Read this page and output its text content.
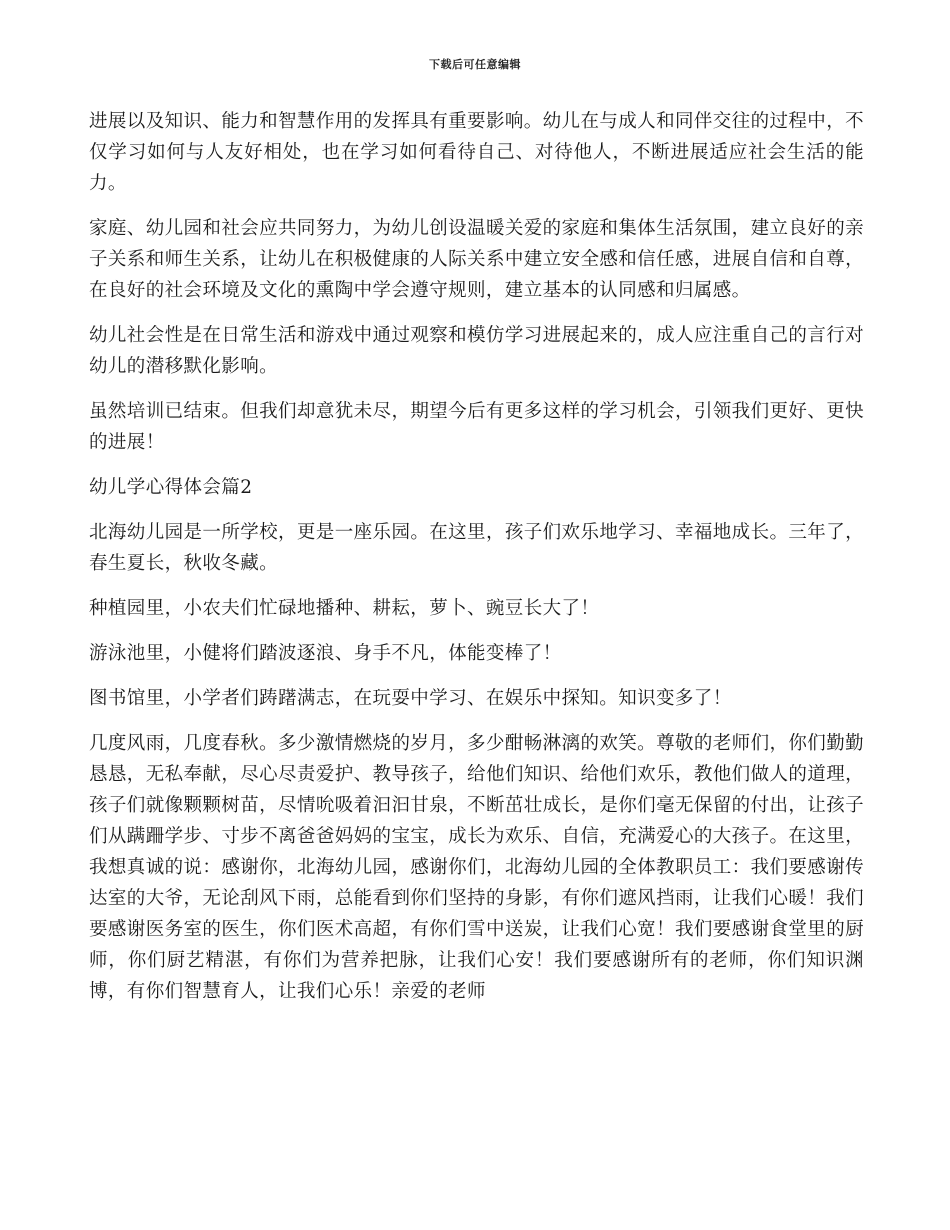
下载后可任意编辑

进展以及知识、能力和智慧作用的发挥具有重要影响。幼儿在与成人和同伴交往的过程中，不仅学习如何与人友好相处，也在学习如何看待自己、对待他人，不断进展适应社会生活的能力。

家庭、幼儿园和社会应共同努力，为幼儿创设温暖关爱的家庭和集体生活氛围，建立良好的亲子关系和师生关系，让幼儿在积极健康的人际关系中建立安全感和信任感，进展自信和自尊，在良好的社会环境及文化的熏陶中学会遵守规则，建立基本的认同感和归属感。

幼儿社会性是在日常生活和游戏中通过观察和模仿学习进展起来的，成人应注重自己的言行对幼儿的潜移默化影响。

虽然培训已结束。但我们却意犹未尽，期望今后有更多这样的学习机会，引领我们更好、更快的进展！

幼儿学心得体会篇2

北海幼儿园是一所学校，更是一座乐园。在这里，孩子们欢乐地学习、幸福地成长。三年了，春生夏长，秋收冬藏。

种植园里，小农夫们忙碌地播种、耕耘，萝卜、豌豆长大了！

游泳池里，小健将们踏波逐浪、身手不凡，体能变棒了！

图书馆里，小学者们踌躇满志，在玩耍中学习、在娱乐中探知。知识变多了！

几度风雨，几度春秋。多少激情燃烧的岁月，多少酣畅淋漓的欢笑。尊敬的老师们，你们勤勤恳恳，无私奉献，尽心尽责爱护、教导孩子，给他们知识、给他们欢乐，教他们做人的道理，孩子们就像颗颗树苗，尽情吮吸着汩汩甘泉，不断茁壮成长，是你们毫无保留的付出，让孩子们从蹒跚学步、寸步不离爸爸妈妈的宝宝，成长为欢乐、自信，充满爱心的大孩子。在这里，我想真诚的说：感谢你，北海幼儿园，感谢你们，北海幼儿园的全体教职员工：我们要感谢传达室的大爷，无论刮风下雨，总能看到你们坚持的身影，有你们遮风挡雨，让我们心暖！我们要感谢医务室的医生，你们医术高超，有你们雪中送炭，让我们心宽！我们要感谢食堂里的厨师，你们厨艺精湛，有你们为营养把脉，让我们心安！我们要感谢所有的老师，你们知识渊博，有你们智慧育人，让我们心乐！亲爱的老师
